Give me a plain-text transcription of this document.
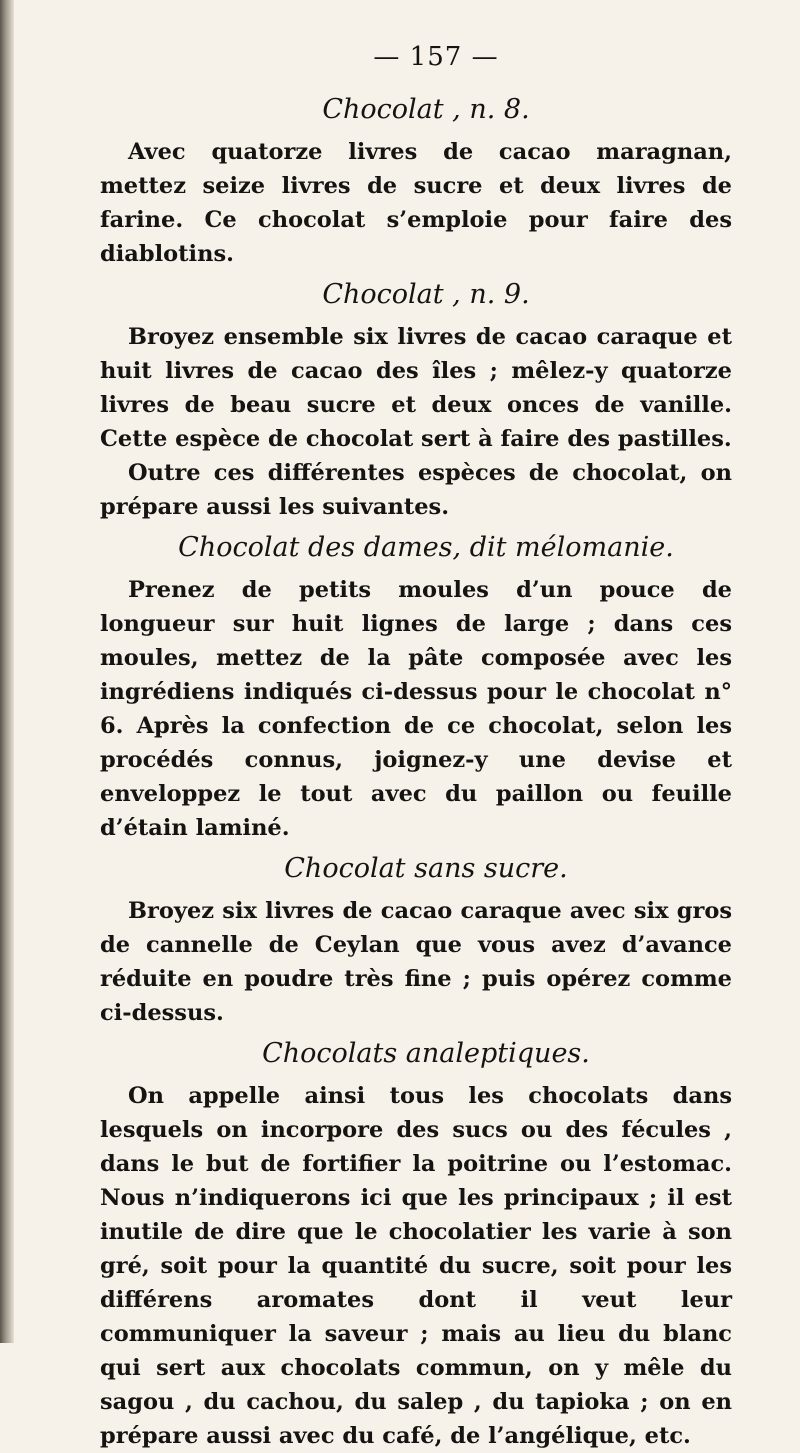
— 157 —
Chocolat , n. 8.

Avec quatorze livres de cacao maragnan, mettez seize livres de sucre et deux livres de farine. Ce chocolat s’emploie pour faire des diablotins.

Chocolat , n. 9.

Broyez ensemble six livres de cacao caraque et huit livres de cacao des îles ; mêlez-y quatorze livres de beau sucre et deux onces de vanille. Cette espèce de chocolat sert à faire des pastilles.

Outre ces différentes espèces de chocolat, on prépare aussi les suivantes.

Chocolat des dames, dit mélomanie.

Prenez de petits moules d’un pouce de longueur sur huit lignes de large ; dans ces moules, mettez de la pâte composée avec les ingrédiens indiqués ci-dessus pour le chocolat n° 6. Après la confection de ce chocolat, selon les procédés connus, joignez-y une devise et enveloppez le tout avec du paillon ou feuille d’étain laminé.

Chocolat sans sucre.

Broyez six livres de cacao caraque avec six gros de cannelle de Ceylan que vous avez d’avance réduite en poudre très fine ; puis opérez comme ci-dessus.

Chocolats analeptiques.

On appelle ainsi tous les chocolats dans lesquels on incorpore des sucs ou des fécules , dans le but de fortifier la poitrine ou l’estomac. Nous n’indiquerons ici que les principaux ; il est inutile de dire que le chocolatier les varie à son gré, soit pour la quantité du sucre, soit pour les différens aromates dont il veut leur communiquer la saveur ; mais au lieu du blanc qui sert aux chocolats commun, on y mêle du sagou , du cachou, du salep , du tapioka ; on en prépare aussi avec du café, de l’angélique, etc.
